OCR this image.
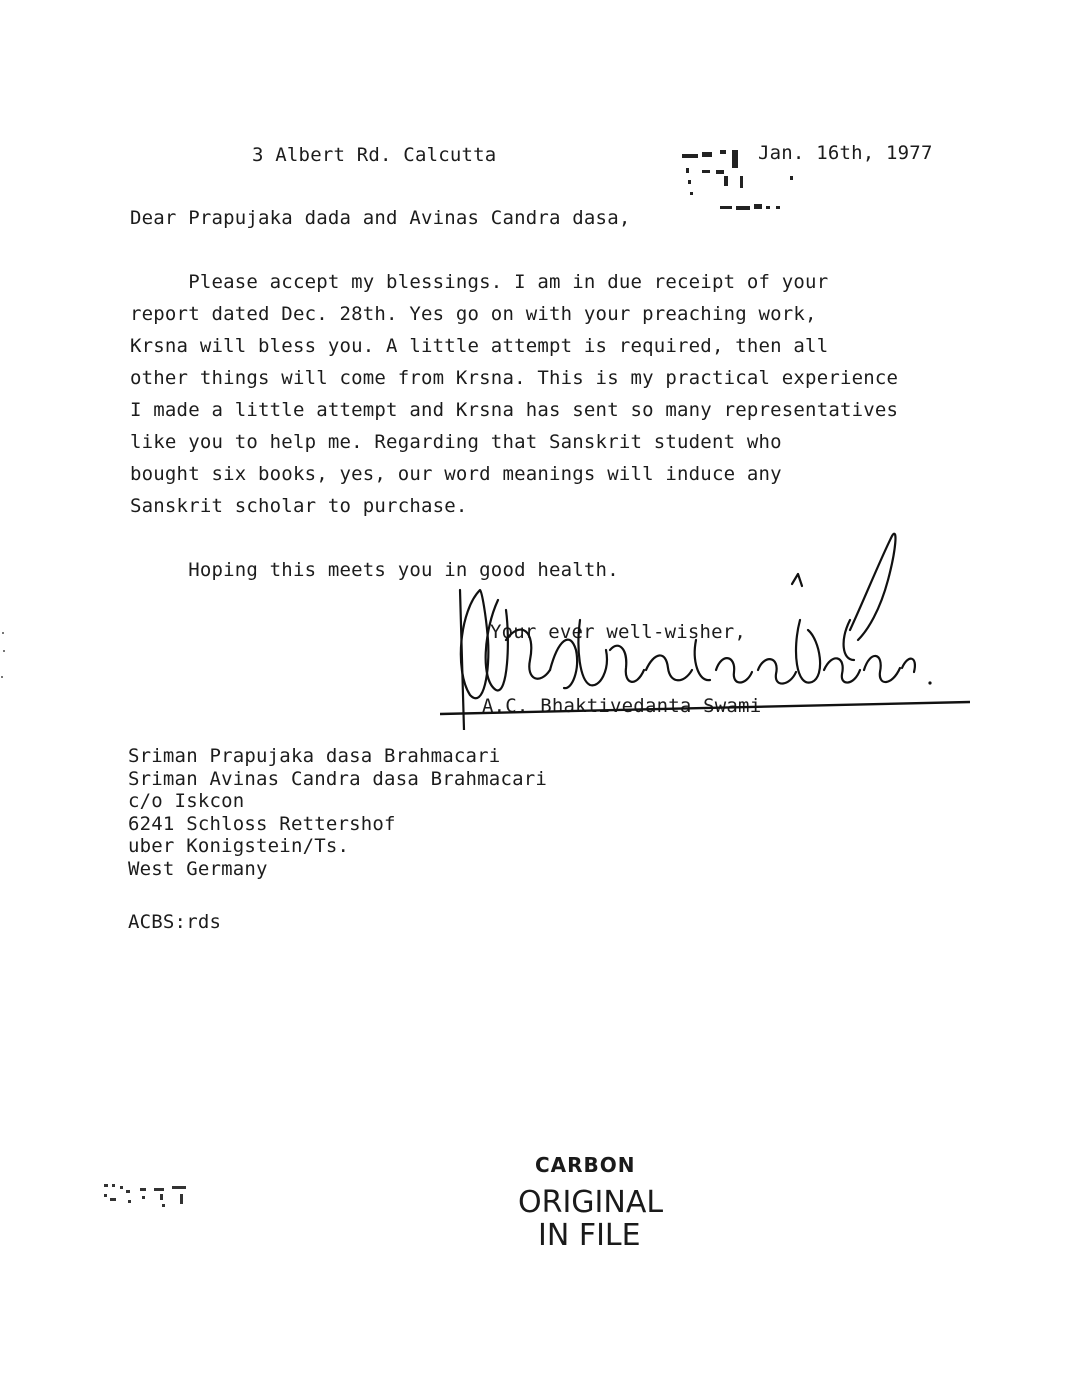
3 Albert Rd. Calcutta	Jan. 16th, 1977
Dear Prapujaka dada and Avinas Candra dasa,
Please accept my blessings. I am in due receipt of your
report dated Dec. 28th. Yes go on with your preaching work,
Krsna will bless you. A little attempt is required, then all
other things will come from Krsna. This is my practical experience
I made a little attempt and Krsna has sent so many representatives
like you to help me. Regarding that Sanskrit student who
bought six books, yes, our word meanings will induce any
Sanskrit scholar to purchase.
Hoping this meets you in good health.
Your ever well-wisher,
A.C. Bhaktivedanta Swami
Sriman Prapujaka dasa Brahmacari
Sriman Avinas Candra dasa Brahmacari
c/o Iskcon
6241 Schloss Rettershof
uber Konigstein/Ts.
West Germany
ACBS:rds
CARBON
ORIGINAL
IN FILE
